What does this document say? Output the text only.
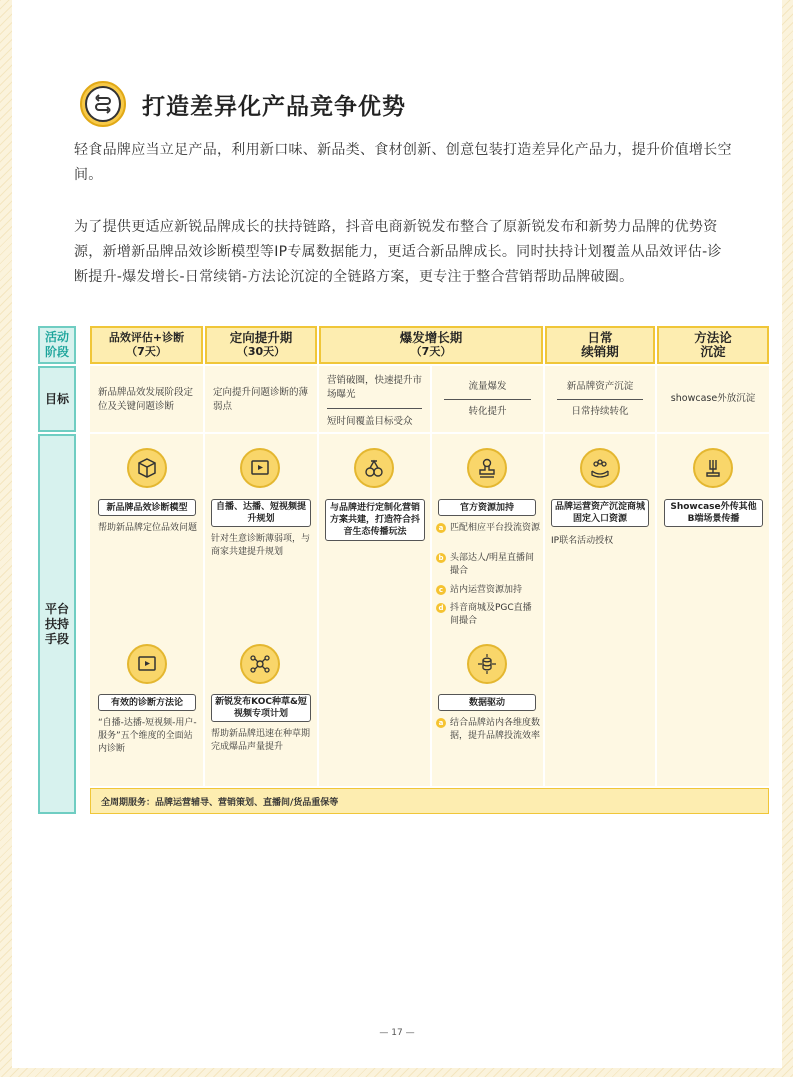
打造差异化产品竞争优势
轻食品牌应当立足产品，利用新口味、新品类、食材创新、创意包装打造差异化产品力，提升价值增长空间。
为了提供更适应新锐品牌成长的扶持链路，抖音电商新锐发布整合了原新锐发布和新势力品牌的优势资源，新增新品牌品效诊断模型等IP专属数据能力，更适合新品牌成长。同时扶持计划覆盖从品效评估-诊断提升-爆发增长-日常续销-方法论沉淀的全链路方案，更专注于整合营销帮助品牌破圈。
活动阶段
目标
平台扶持手段
品效评估+诊断
（7天）
定向提升期
（30天）
爆发增长期
（7天）
日常
续销期
方法论
沉淀
新品牌品效发展阶段定位及关键问题诊断
定向提升问题诊断的薄弱点
营销破圈，快速提升市场曝光
短时间覆盖目标受众
流量爆发
转化提升
新品牌资产沉淀
日常持续转化
showcase外放沉淀
新品牌品效诊断模型
帮助新品牌定位品效问题
有效的诊断方法论
“自播-达播-短视频-用户-服务”五个维度的全面站内诊断
自播、达播、短视频提升规划
针对生意诊断薄弱项，与商家共建提升规划
新锐发布KOC种草&短视频专项计划
帮助新品牌迅速在种草期完成爆品声量提升
与品牌进行定制化营销方案共建，打造符合抖音生态传播玩法
官方资源加持
a 匹配相应平台投流资源
b 头部达人/明星直播间撮合
c 站内运营资源加持
d 抖音商城及PGC直播间撮合
数据驱动
a 结合品牌站内各维度数据，提升品牌投流效率
品牌运营资产沉淀商城固定入口资源
IP联名活动授权
Showcase外传其他B端场景传播
全周期服务：品牌运营辅导、营销策划、直播间/货品重保等
— 17 —
